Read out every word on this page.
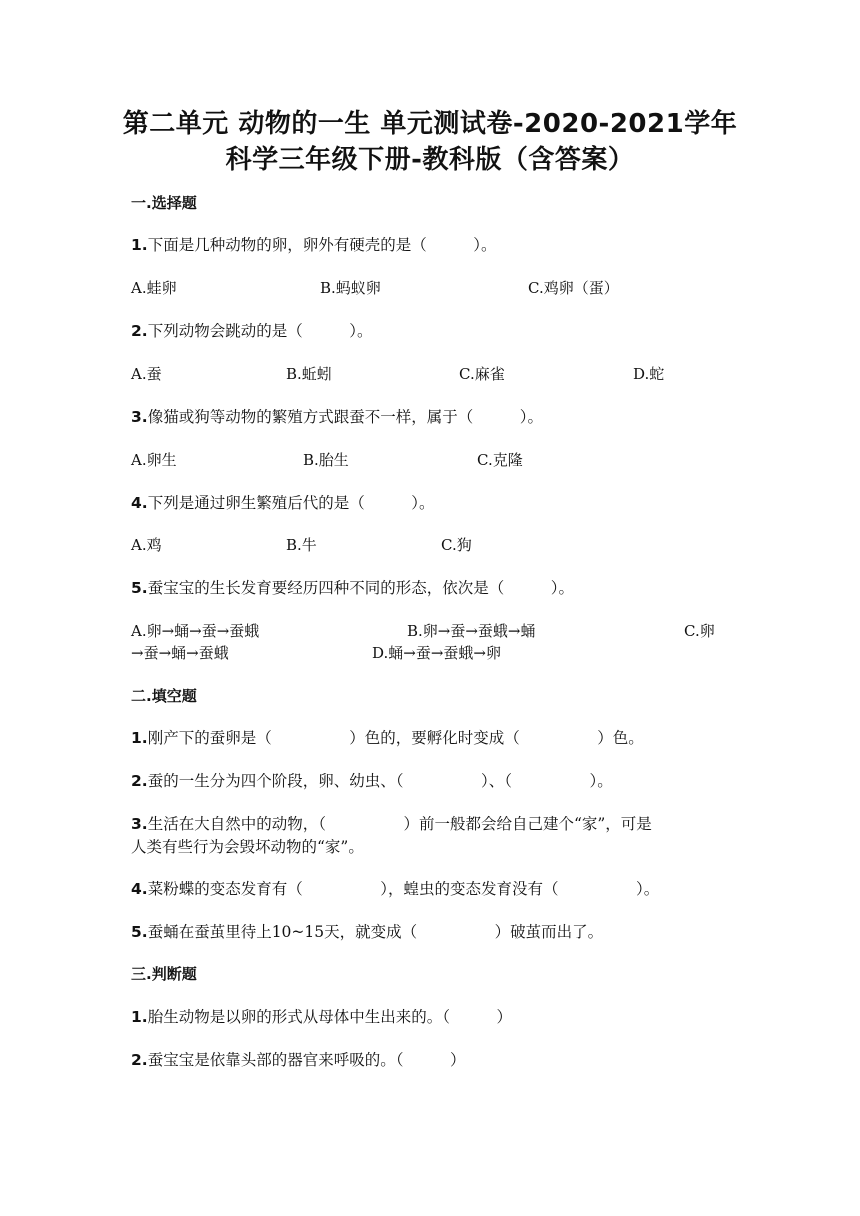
第二单元 动物的一生 单元测试卷-2020-2021学年
科学三年级下册-教科版（含答案）
一.选择题
1.下面是几种动物的卵，卵外有硬壳的是（　　　）。
A.蛙卵	B.蚂蚁卵	C.鸡卵（蛋）
2.下列动物会跳动的是（　　　）。
A.蚕	B.蚯蚓	C.麻雀	D.蛇
3.像猫或狗等动物的繁殖方式跟蚕不一样，属于（　　　）。
A.卵生	B.胎生	C.克隆
4.下列是通过卵生繁殖后代的是（　　　）。
A.鸡	B.牛	C.狗
5.蚕宝宝的生长发育要经历四种不同的形态，依次是（　　　）。
A.卵→蛹→蚕→蚕蛾	B.卵→蚕→蚕蛾→蛹	C.卵
→蚕→蛹→蚕蛾	D.蛹→蚕→蚕蛾→卵
二.填空题
1.刚产下的蚕卵是（　　　　　）色的，要孵化时变成（　　　　　）色。
2.蚕的一生分为四个阶段，卵、幼虫、（　　　　　）、（　　　　　）。
3.生活在大自然中的动物，（　　　　　）前一般都会给自己建个“家”，可是
人类有些行为会毁坏动物的“家”。
4.菜粉蝶的变态发育有（　　　　　），蝗虫的变态发育没有（　　　　　）。
5.蚕蛹在蚕茧里待上10~15天，就变成（　　　　　）破茧而出了。
三.判断题
1.胎生动物是以卵的形式从母体中生出来的。（　　　）
2.蚕宝宝是依靠头部的器官来呼吸的。（　　　）
